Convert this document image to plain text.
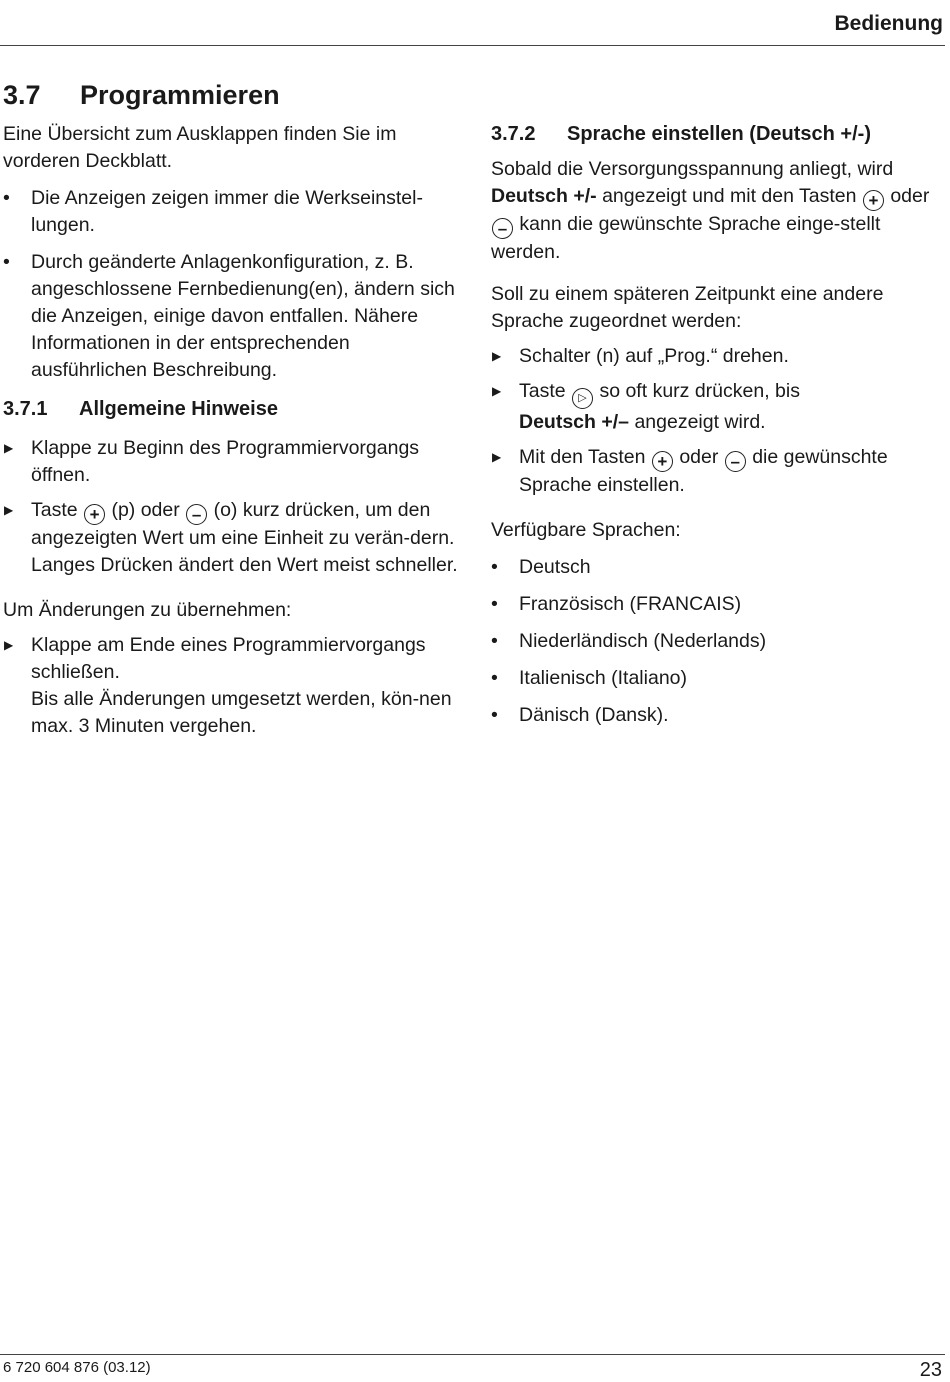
Bedienung
3.7 Programmieren

Eine Übersicht zum Ausklappen finden Sie im vorderen Deckblatt.

•	Die Anzeigen zeigen immer die Werkseinstel-lungen.
•	Durch geänderte Anlagenkonfiguration, z. B. angeschlossene Fernbedienung(en), ändern sich die Anzeigen, einige davon entfallen. Nähere Informationen in der entsprechenden ausführlichen Beschreibung.
3.7.1 Allgemeine Hinweise
▶ Klappe zu Beginn des Programmiervorgangs öffnen.
▶ Taste + (p) oder – (o) kurz drücken, um den angezeigten Wert um eine Einheit zu verän-dern.
Langes Drücken ändert den Wert meist schneller.

Um Änderungen zu übernehmen:

▶ Klappe am Ende eines Programmiervorgangs schließen.
Bis alle Änderungen umgesetzt werden, kön-nen max. 3 Minuten vergehen.
3.7.2 Sprache einstellen (Deutsch +/-)

Sobald die Versorgungsspannung anliegt, wird Deutsch +/- angezeigt und mit den Tasten + oder – kann die gewünschte Sprache einge-stellt werden.

Soll zu einem späteren Zeitpunkt eine andere Sprache zugeordnet werden:

▶ Schalter (n) auf „Prog.“ drehen.
▶ Taste ▷ so oft kurz drücken, bis
Deutsch +/– angezeigt wird.
▶ Mit den Tasten + oder – die gewünschte Sprache einstellen.

Verfügbare Sprachen:

•	Deutsch
•	Französisch (FRANCAIS)
•	Niederländisch (Nederlands)
•	Italienisch (Italiano)
•	Dänisch (Dansk).
6 720 604 876 (03.12)	23
